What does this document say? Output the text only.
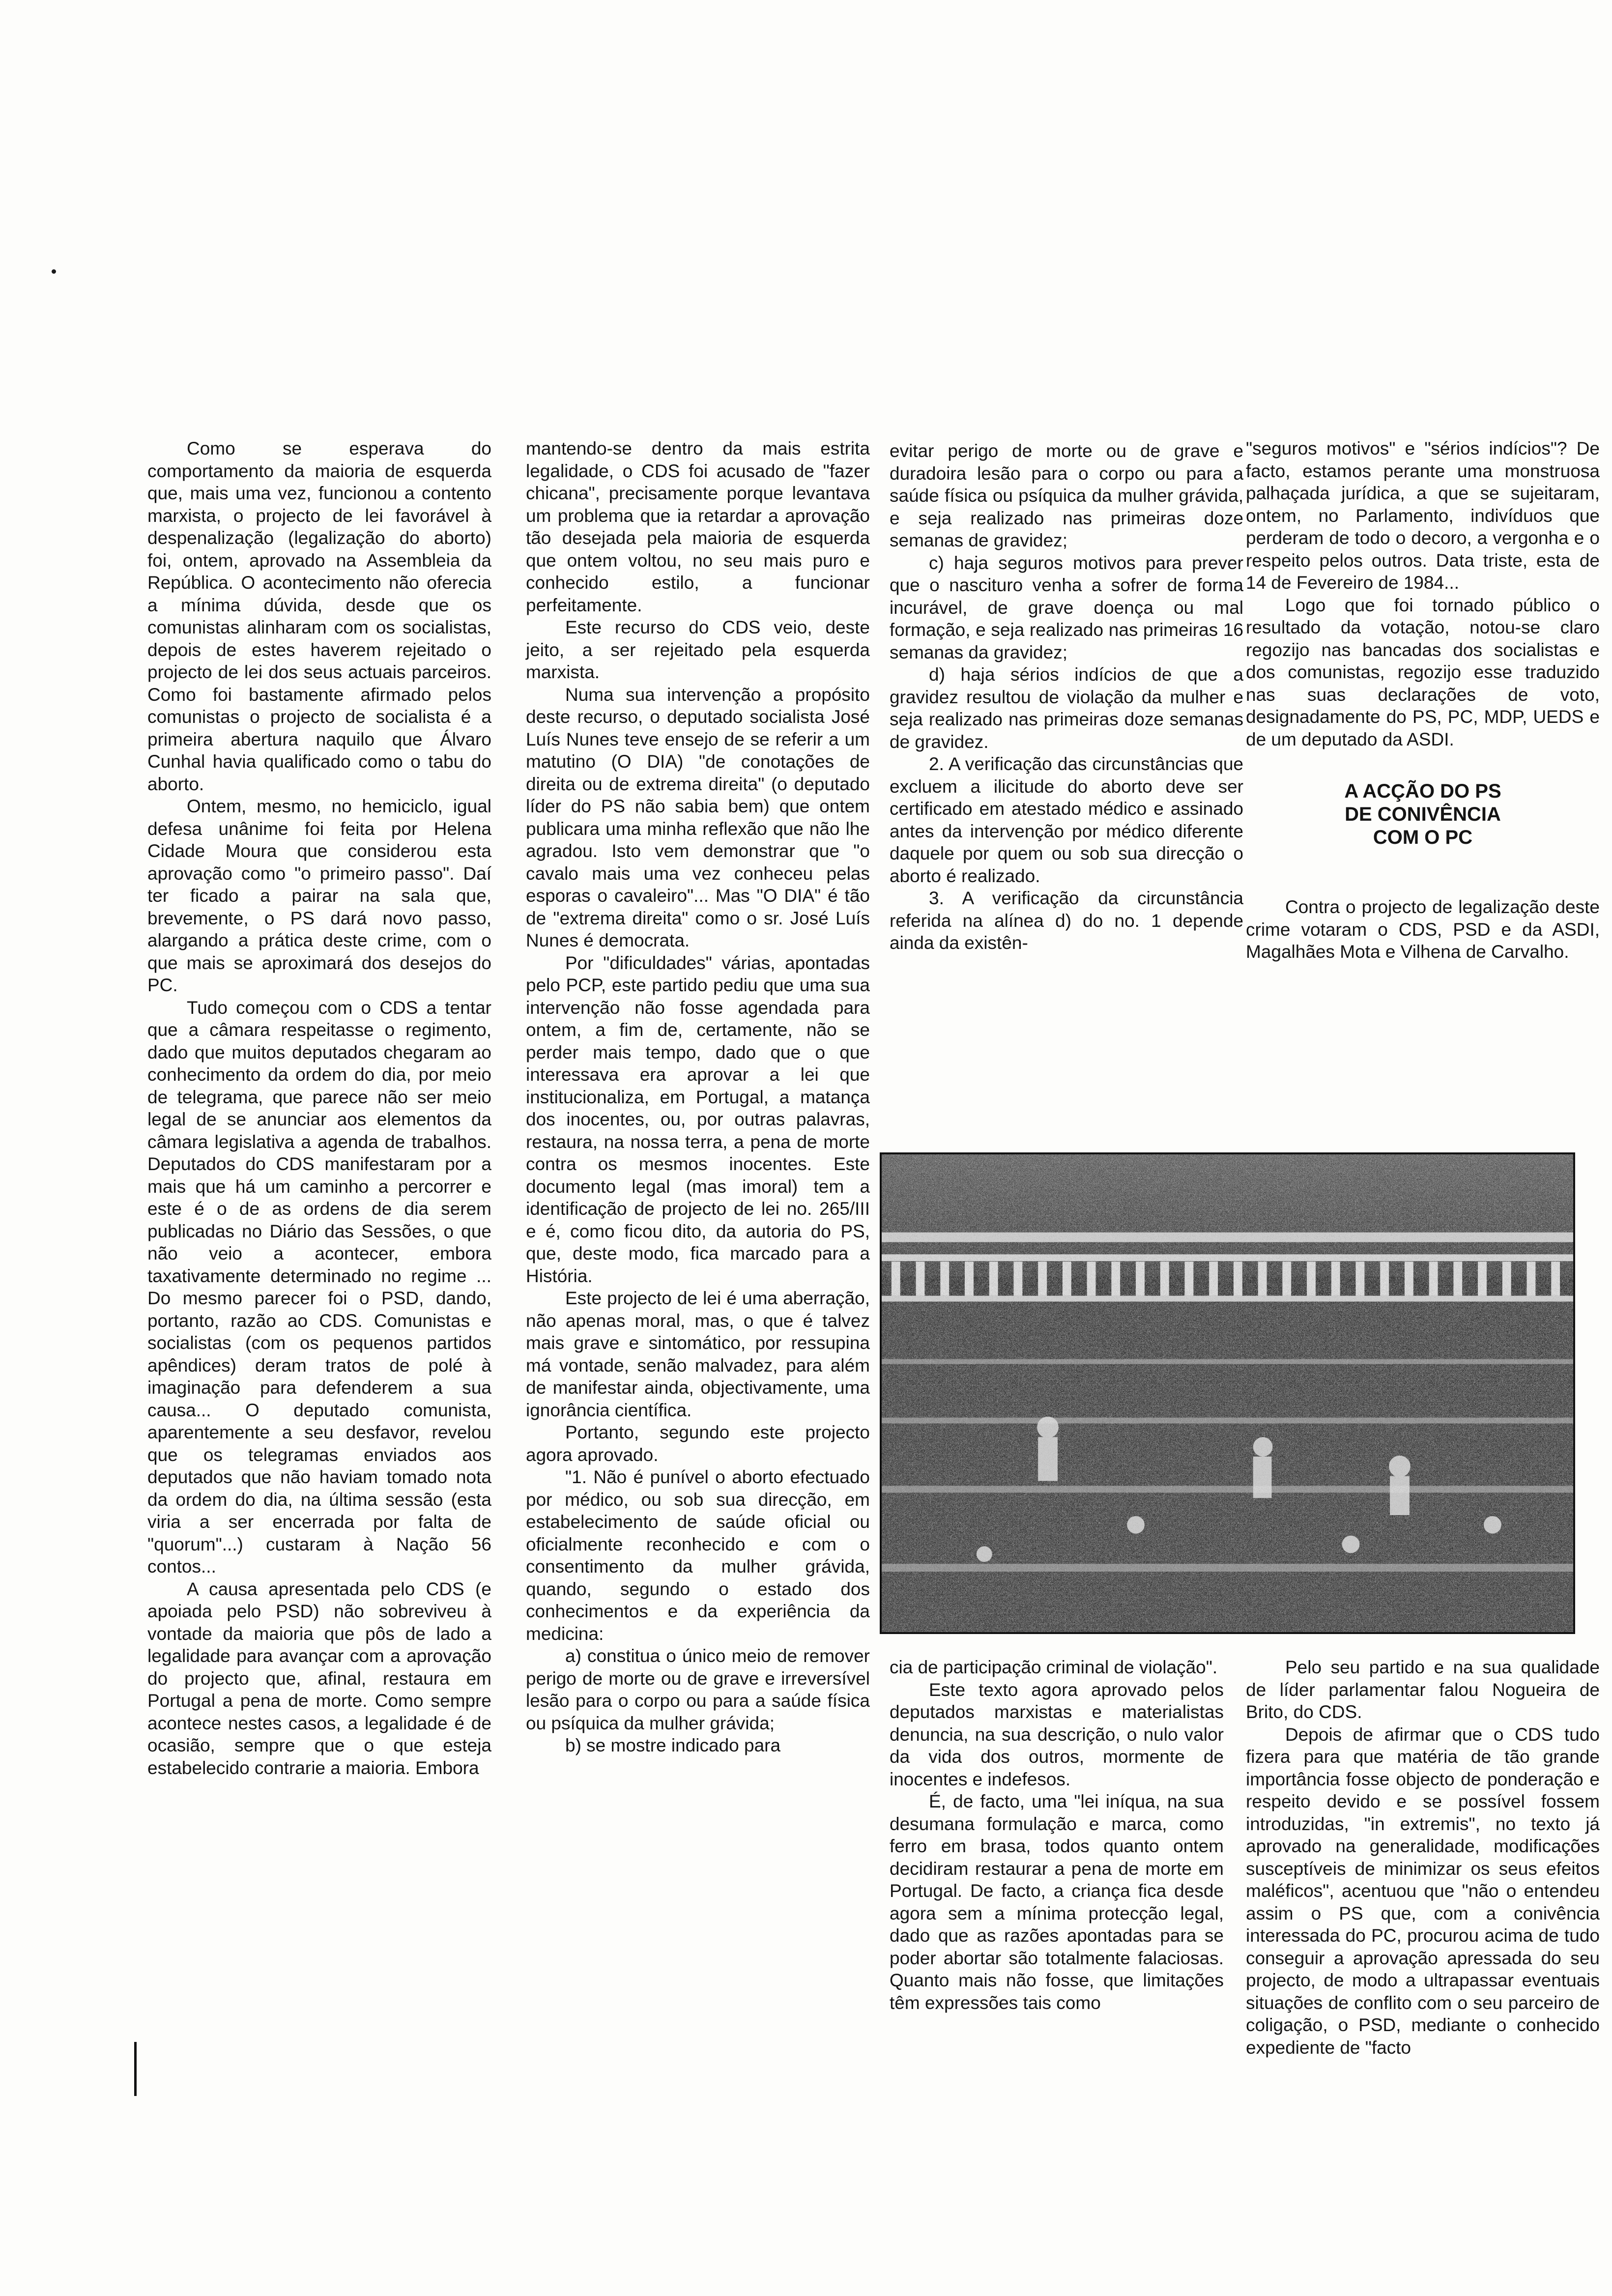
Como se esperava do comportamento da maioria de esquerda que, mais uma vez, funcionou a contento marxista, o projecto de lei favorável à despenalização (legalização do aborto) foi, ontem, aprovado na Assembleia da República. O acontecimento não oferecia a mínima dúvida, desde que os comunistas alinharam com os socialistas, depois de estes haverem rejeitado o projecto de lei dos seus actuais parceiros. Como foi bastamente afirmado pelos comunistas o projecto de socialista é a primeira abertura naquilo que Álvaro Cunhal havia qualificado como o tabu do aborto.

Ontem, mesmo, no hemiciclo, igual defesa unânime foi feita por Helena Cidade Moura que considerou esta aprovação como "o primeiro passo". Daí ter ficado a pairar na sala que, brevemente, o PS dará novo passo, alargando a prática deste crime, com o que mais se aproximará dos desejos do PC.

Tudo começou com o CDS a tentar que a câmara respeitasse o regimento, dado que muitos deputados chegaram ao conhecimento da ordem do dia, por meio de telegrama, que parece não ser meio legal de se anunciar aos elementos da câmara legislativa a agenda de trabalhos. Deputados do CDS manifestaram por a mais que há um caminho a percorrer e este é o de as ordens de dia serem publicadas no Diário das Sessões, o que não veio a acontecer, embora taxativamente determinado no regime ... Do mesmo parecer foi o PSD, dando, portanto, razão ao CDS. Comunistas e socialistas (com os pequenos partidos apêndices) deram tratos de polé à imaginação para defenderem a sua causa... O deputado comunista, aparentemente a seu desfavor, revelou que os telegramas enviados aos deputados que não haviam tomado nota da ordem do dia, na última sessão (esta viria a ser encerrada por falta de "quorum"...) custaram à Nação 56 contos...

A causa apresentada pelo CDS (e apoiada pelo PSD) não sobreviveu à vontade da maioria que pôs de lado a legalidade para avançar com a aprovação do projecto que, afinal, restaura em Portugal a pena de morte. Como sempre acontece nestes casos, a legalidade é de ocasião, sempre que o que esteja estabelecido contrarie a maioria. Embora

mantendo-se dentro da mais estrita legalidade, o CDS foi acusado de "fazer chicana", precisamente porque levantava um problema que ia retardar a aprovação tão desejada pela maioria de esquerda que ontem voltou, no seu mais puro e conhecido estilo, a funcionar perfeitamente.

Este recurso do CDS veio, deste jeito, a ser rejeitado pela esquerda marxista.

Numa sua intervenção a propósito deste recurso, o deputado socialista José Luís Nunes teve ensejo de se referir a um matutino (O DIA) "de conotações de direita ou de extrema direita" (o deputado líder do PS não sabia bem) que ontem publicara uma minha reflexão que não lhe agradou. Isto vem demonstrar que "o cavalo mais uma vez conheceu pelas esporas o cavaleiro"... Mas "O DIA" é tão de "extrema direita" como o sr. José Luís Nunes é democrata.

Por "dificuldades" várias, apontadas pelo PCP, este partido pediu que uma sua intervenção não fosse agendada para ontem, a fim de, certamente, não se perder mais tempo, dado que o que interessava era aprovar a lei que institucionaliza, em Portugal, a matança dos inocentes, ou, por outras palavras, restaura, na nossa terra, a pena de morte contra os mesmos inocentes. Este documento legal (mas imoral) tem a identificação de projecto de lei no. 265/III e é, como ficou dito, da autoria do PS, que, deste modo, fica marcado para a História.

Este projecto de lei é uma aberração, não apenas moral, mas, o que é talvez mais grave e sintomático, por ressupina má vontade, senão malvadez, para além de manifestar ainda, objectivamente, uma ignorância científica.

Portanto, segundo este projecto agora aprovado.

"1. Não é punível o aborto efectuado por médico, ou sob sua direcção, em estabelecimento de saúde oficial ou oficialmente reconhecido e com o consentimento da mulher grávida, quando, segundo o estado dos conhecimentos e da experiência da medicina:

a) constitua o único meio de remover perigo de morte ou de grave e irreversível lesão para o corpo ou para a saúde física ou psíquica da mulher grávida;

b) se mostre indicado para

evitar perigo de morte ou de grave e duradoira lesão para o corpo ou para a saúde física ou psíquica da mulher grávida, e seja realizado nas primeiras doze semanas de gravidez;

c) haja seguros motivos para prever que o nascituro venha a sofrer de forma incurável, de grave doença ou mal formação, e seja realizado nas primeiras 16 semanas da gravidez;

d) haja sérios indícios de que a gravidez resultou de violação da mulher e seja realizado nas primeiras doze semanas de gravidez.

2. A verificação das circunstâncias que excluem a ilicitude do aborto deve ser certificado em atestado médico e assinado antes da intervenção por médico diferente daquele por quem ou sob sua direcção o aborto é realizado.

3. A verificação da circunstância referida na alínea d) do no. 1 depende ainda da existên-

"seguros motivos" e "sérios indícios"? De facto, estamos perante uma monstruosa palhaçada jurídica, a que se sujeitaram, ontem, no Parlamento, indivíduos que perderam de todo o decoro, a vergonha e o respeito pelos outros. Data triste, esta de 14 de Fevereiro de 1984...

Logo que foi tornado público o resultado da votação, notou-se claro regozijo nas bancadas dos socialistas e dos comunistas, regozijo esse traduzido nas suas declarações de voto, designadamente do PS, PC, MDP, UEDS e de um deputado da ASDI.

A ACÇÃO DO PS
DE CONIVÊNCIA
COM O PC

Contra o projecto de legalização deste crime votaram o CDS, PSD e da ASDI, Magalhães Mota e Vilhena de Carvalho.

cia de participação criminal de violação".

Este texto agora aprovado pelos deputados marxistas e materialistas denuncia, na sua descrição, o nulo valor da vida dos outros, mormente de inocentes e indefesos.

É, de facto, uma "lei iníqua, na sua desumana formulação e marca, como ferro em brasa, todos quanto ontem decidiram restaurar a pena de morte em Portugal. De facto, a criança fica desde agora sem a mínima protecção legal, dado que as razões apontadas para se poder abortar são totalmente falaciosas. Quanto mais não fosse, que limitações têm expressões tais como

Pelo seu partido e na sua qualidade de líder parlamentar falou Nogueira de Brito, do CDS.

Depois de afirmar que o CDS tudo fizera para que matéria de tão grande importância fosse objecto de ponderação e respeito devido e se possível fossem introduzidas, "in extremis", no texto já aprovado na generalidade, modificações susceptíveis de minimizar os seus efeitos maléficos", acentuou que "não o entendeu assim o PS que, com a conivência interessada do PC, procurou acima de tudo conseguir a aprovação apressada do seu projecto, de modo a ultrapassar eventuais situações de conflito com o seu parceiro de coligação, o PSD, mediante o conhecido expediente de "facto
